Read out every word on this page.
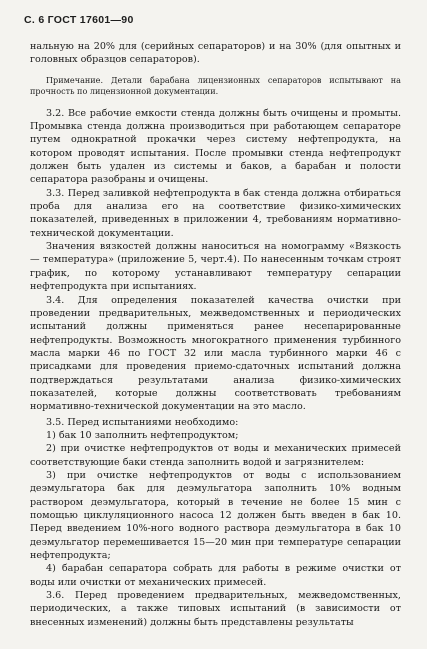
С. 6 ГОСТ 17601—90

нальную на 20% для (серийных сепараторов) и на 30% (для опытных и головных образцов сепараторов).

Примечание. Детали барабана лицензионных сепараторов испытывают на прочность по лицензионной документации.

3.2. Все рабочие емкости стенда должны быть очищены и промыты. Промывка стенда должна производиться при работающем сепараторе путем однократной прокачки через систему нефтепродукта, на котором проводят испытания. После промывки стенда нефтепродукт должен быть удален из системы и баков, а барабан и полости сепаратора разобраны и очищены.

3.3. Перед заливкой нефтепродукта в бак стенда должна отбираться проба для анализа его на соответствие физико-химических показателей, приведенных в приложении 4, требованиям нормативно-технической документации.

Значения вязкостей должны наноситься на номограмму «Вязкость — температура» (приложение 5, черт.4). По нанесенным точкам строят график, по которому устанавливают температуру сепарации нефтепродукта при испытаниях.

3.4. Для определения показателей качества очистки при проведении предварительных, межведомственных и периодических испытаний должны применяться ранее несепарированные нефтепродукты. Возможность многократного применения турбинного масла марки 46 по ГОСТ 32 или масла турбинного марки 46 с присадками для проведения приемо-сдаточных испытаний должна подтверждаться результатами анализа физико-химических показателей, которые должны соответствовать требованиям нормативно-технической документации на это масло.

3.5. Перед испытаниями необходимо:

1) бак 10 заполнить нефтепродуктом;

2) при очистке нефтепродуктов от воды и механических примесей соответствующие баки стенда заполнить водой и загрязнителем:

3) при очистке нефтепродуктов от воды с использованием деэмульгатора бак для деэмульгатора заполнить 10% водным раствором деэмульгатора, который в течение не более 15 мин с помощью циклуляционного насоса 12 должен быть введен в бак 10. Перед введением 10%-ного водного раствора деэмульгатора в бак 10 деэмульгатор перемешивается 15—20 мин при температуре сепарации нефтепродукта;

4) барабан сепаратора собрать для работы в режиме очистки от воды или очистки от механических примесей.

3.6. Перед проведением предварительных, межведомственных, периодических, а также типовых испытаний (в зависимости от внесенных изменений) должны быть представлены результаты
